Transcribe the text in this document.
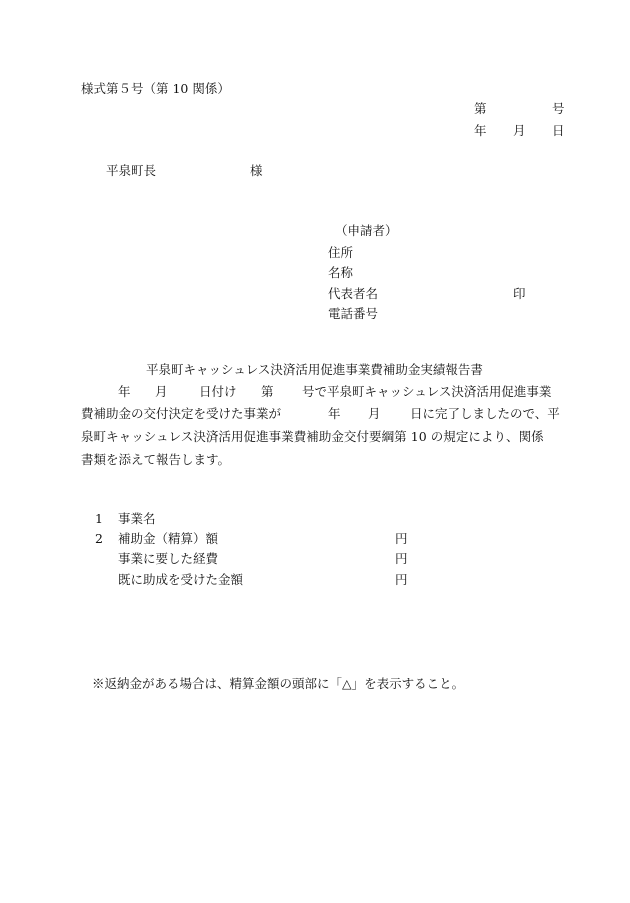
様式第５号（第 10 関係）
第	号
年 月 日
平泉町長	様
（申請者）
住所
名称
代表者名	印
電話番号
平泉町キャッシュレス決済活用促進事業費補助金実績報告書
年 月	日付け 第 号で平泉町キャッシュレス決済活用促進事業
費補助金の交付決定を受けた事業が	年 月 日に完了しましたので、平
泉町キャッシュレス決済活用促進事業費補助金交付要綱第 10 の規定により、関係
書類を添えて報告します。
1 事業名
2 補助金（精算）額	円
事業に要した経費	円
既に助成を受けた金額	円
※返納金がある場合は、精算金額の頭部に「△」を表示すること。
